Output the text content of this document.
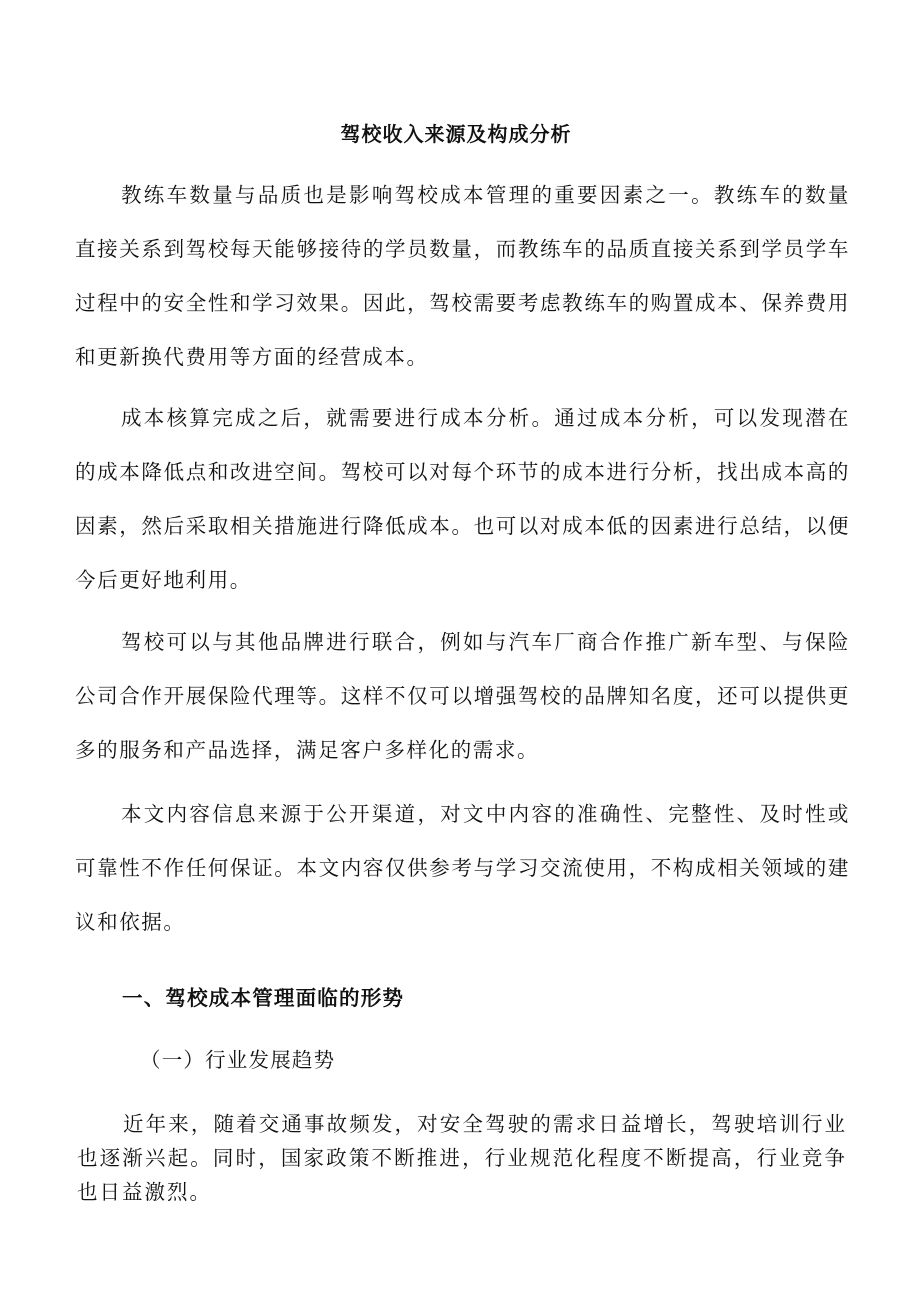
驾校收入来源及构成分析

教练车数量与品质也是影响驾校成本管理的重要因素之一。教练车的数量直接关系到驾校每天能够接待的学员数量，而教练车的品质直接关系到学员学车过程中的安全性和学习效果。因此，驾校需要考虑教练车的购置成本、保养费用和更新换代费用等方面的经营成本。

成本核算完成之后，就需要进行成本分析。通过成本分析，可以发现潜在的成本降低点和改进空间。驾校可以对每个环节的成本进行分析，找出成本高的因素，然后采取相关措施进行降低成本。也可以对成本低的因素进行总结，以便今后更好地利用。

驾校可以与其他品牌进行联合，例如与汽车厂商合作推广新车型、与保险公司合作开展保险代理等。这样不仅可以增强驾校的品牌知名度，还可以提供更多的服务和产品选择，满足客户多样化的需求。

本文内容信息来源于公开渠道，对文中内容的准确性、完整性、及时性或可靠性不作任何保证。本文内容仅供参考与学习交流使用，不构成相关领域的建议和依据。

一、驾校成本管理面临的形势
（一）行业发展趋势

近年来，随着交通事故频发，对安全驾驶的需求日益增长，驾驶培训行业也逐渐兴起。同时，国家政策不断推进，行业规范化程度不断提高，行业竞争也日益激烈。
